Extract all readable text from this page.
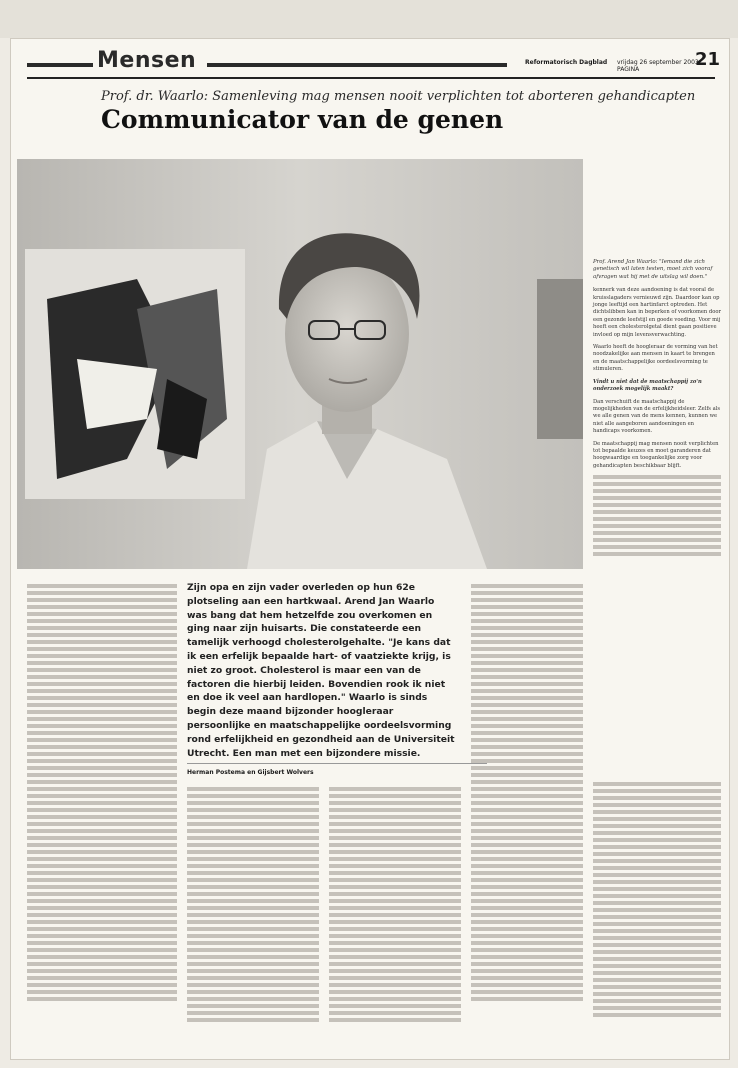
Mensen	Reformatorisch Dagblad vrijdag 26 september 2003 PAGINA	21
Prof. dr. Waarlo: Samenleving mag mensen nooit verplichten tot aborteren gehandicapten
Communicator van de genen
Prof. Arend Jan Waarlo: "Iemand die zich genetisch wil laten testen, moet zich vooraf afvragen wat hij met de uitslag wil doen."
kennerk van deze aandoening is dat vooral de kruisslagaders vernieuwd zijn. Daardoor kan op jonge leeftijd een hartinfarct optreden. Het dichtslibben kan in beperken of voorkomen door een gezonde leefstijl en goede voeding. Voor mij heeft een cholesterolgetal dient gaan positieve invloed op mijn levensverwachting.
Waarlo heeft de hoogleraar de vorming van het noodzakelijke aan mensen in kaart te brengen en de maatschappelijke oordeelsvorming te stimuleren.
Vindt u niet dat de maatschappij zo'n onderzoek mogelijk maakt?
Dan verschuift de maatschappij de mogelijkheden van de erfelijkheidsleer. Zelfs als we alle genen van de mens kennen, kunnen we niet alle aangeboren aandoeningen en handicaps voorkomen.
De maatschappij mag mensen nooit verplichten tot bepaalde keuzes en moet garanderen dat hoogwaardige en toegankelijke zorg voor gehandicapten beschikbaar blijft.
Zijn opa en zijn vader overleden op hun 62e plotseling aan een hartkwaal. Arend Jan Waarlo was bang dat hem hetzelfde zou overkomen en ging naar zijn huisarts. Die constateerde een tamelijk verhoogd cholesterolgehalte. "Je kans dat ik een erfelijk bepaalde hart- of vaatziekte krijg, is niet zo groot. Cholesterol is maar een van de factoren die hierbij leiden. Bovendien rook ik niet en doe ik veel aan hardlopen." Waarlo is sinds begin deze maand bijzonder hoogleraar persoonlijke en maatschappelijke oordeelsvorming rond erfelijkheid en gezondheid aan de Universiteit Utrecht. Een man met een bijzondere missie.
Herman Postema en Gijsbert Wolvers
